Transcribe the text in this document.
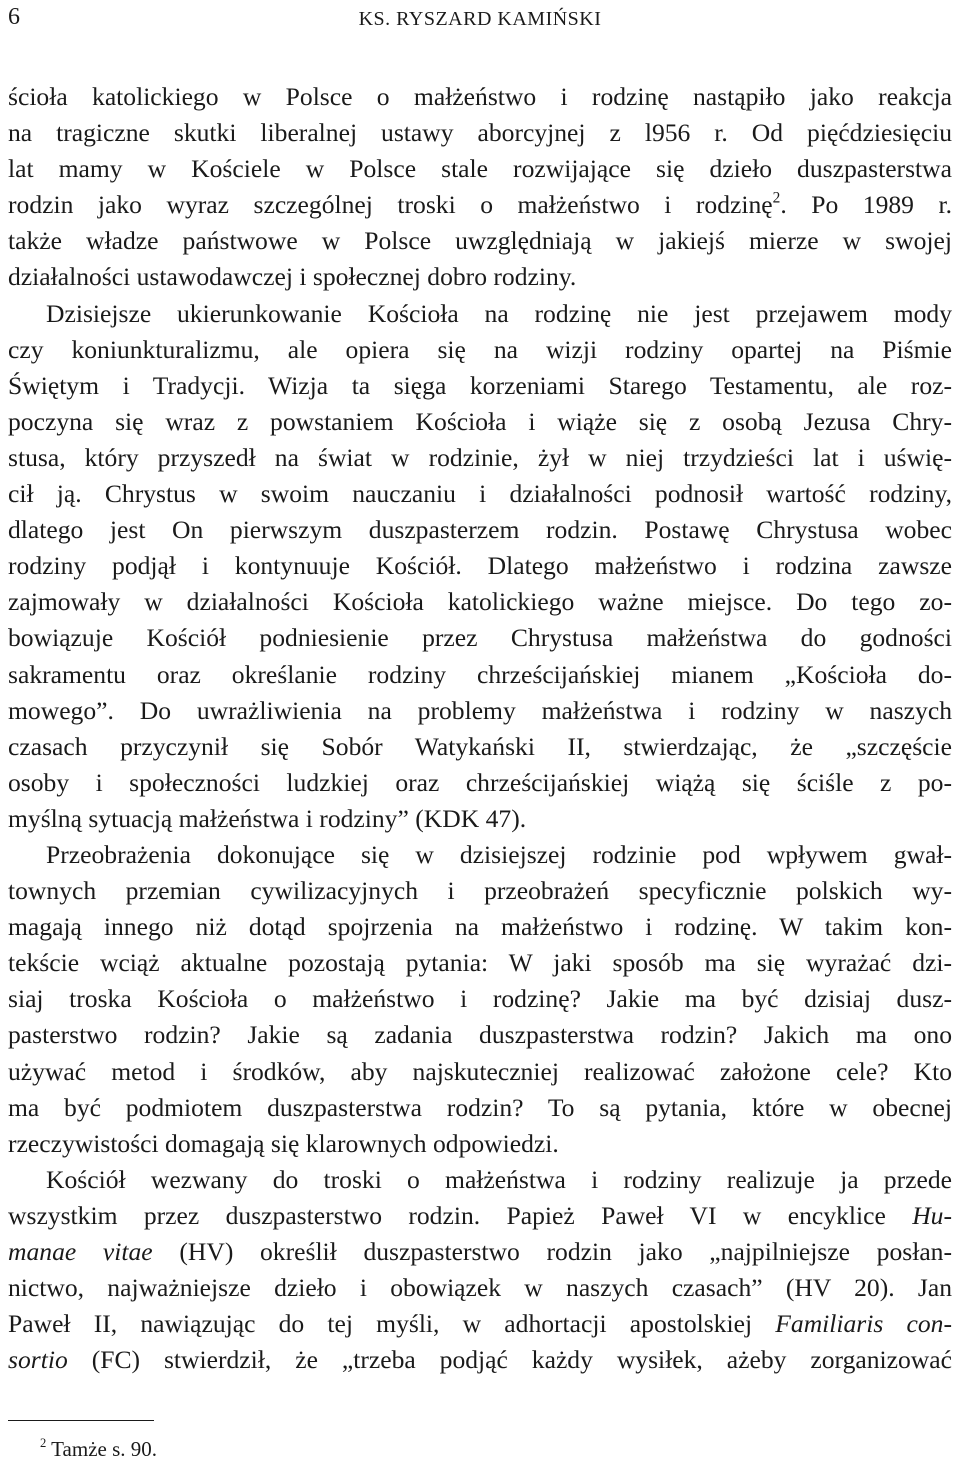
6	KS. RYSZARD KAMIŃSKI

ścioła katolickiego w Polsce o małżeństwo i rodzinę nastąpiło jako reakcja
na tragiczne skutki liberalnej ustawy aborcyjnej z l956 r. Od pięćdziesięciu
lat mamy w Kościele w Polsce stale rozwijające się dzieło duszpasterstwa
rodzin jako wyraz szczególnej troski o małżeństwo i rodzinę$^2$. Po 1989 r.
także władze państwowe w Polsce uwzględniają w jakiejś mierze w swojej
działalności ustawodawczej i społecznej dobro rodziny.

Dzisiejsze ukierunkowanie Kościoła na rodzinę nie jest przejawem mody
czy koniunkturalizmu, ale opiera się na wizji rodziny opartej na Piśmie
Świętym i Tradycji. Wizja ta sięga korzeniami Starego Testamentu, ale roz-
poczyna się wraz z powstaniem Kościoła i wiąże się z osobą Jezusa Chry-
stusa, który przyszedł na świat w rodzinie, żył w niej trzydzieści lat i uświę-
cił ją. Chrystus w swoim nauczaniu i działalności podnosił wartość rodziny,
dlatego jest On pierwszym duszpasterzem rodzin. Postawę Chrystusa wobec
rodziny podjął i kontynuuje Kościół. Dlatego małżeństwo i rodzina zawsze
zajmowały w działalności Kościoła katolickiego ważne miejsce. Do tego zo-
bowiązuje Kościół podniesienie przez Chrystusa małżeństwa do godności
sakramentu oraz określanie rodziny chrześcijańskiej mianem „Kościoła do-
mowego”. Do uwrażliwienia na problemy małżeństwa i rodziny w naszych
czasach przyczynił się Sobór Watykański II, stwierdzając, że „szczęście
osoby i społeczności ludzkiej oraz chrześcijańskiej wiążą się ściśle z po-
myślną sytuacją małżeństwa i rodziny” (KDK 47).

Przeobrażenia dokonujące się w dzisiejszej rodzinie pod wpływem gwał-
townych przemian cywilizacyjnych i przeobrażeń specyficznie polskich wy-
magają innego niż dotąd spojrzenia na małżeństwo i rodzinę. W takim kon-
tekście wciąż aktualne pozostają pytania: W jaki sposób ma się wyrażać dzi-
siaj troska Kościoła o małżeństwo i rodzinę? Jakie ma być dzisiaj dusz-
pasterstwo rodzin? Jakie są zadania duszpasterstwa rodzin? Jakich ma ono
używać metod i środków, aby najskuteczniej realizować założone cele? Kto
ma być podmiotem duszpasterstwa rodzin? To są pytania, które w obecnej
rzeczywistości domagają się klarownych odpowiedzi.

Kościół wezwany do troski o małżeństwa i rodziny realizuje ja przede
wszystkim przez duszpasterstwo rodzin. Papież Paweł VI w encyklice Hu-
manae vitae (HV) określił duszpasterstwo rodzin jako „najpilniejsze posłan-
nictwo, najważniejsze dzieło i obowiązek w naszych czasach” (HV 20). Jan
Paweł II, nawiązując do tej myśli, w adhortacji apostolskiej Familiaris con-
sortio (FC) stwierdził, że „trzeba podjąć każdy wysiłek, ażeby zorganizować

$^2$ Tamże s. 90.
